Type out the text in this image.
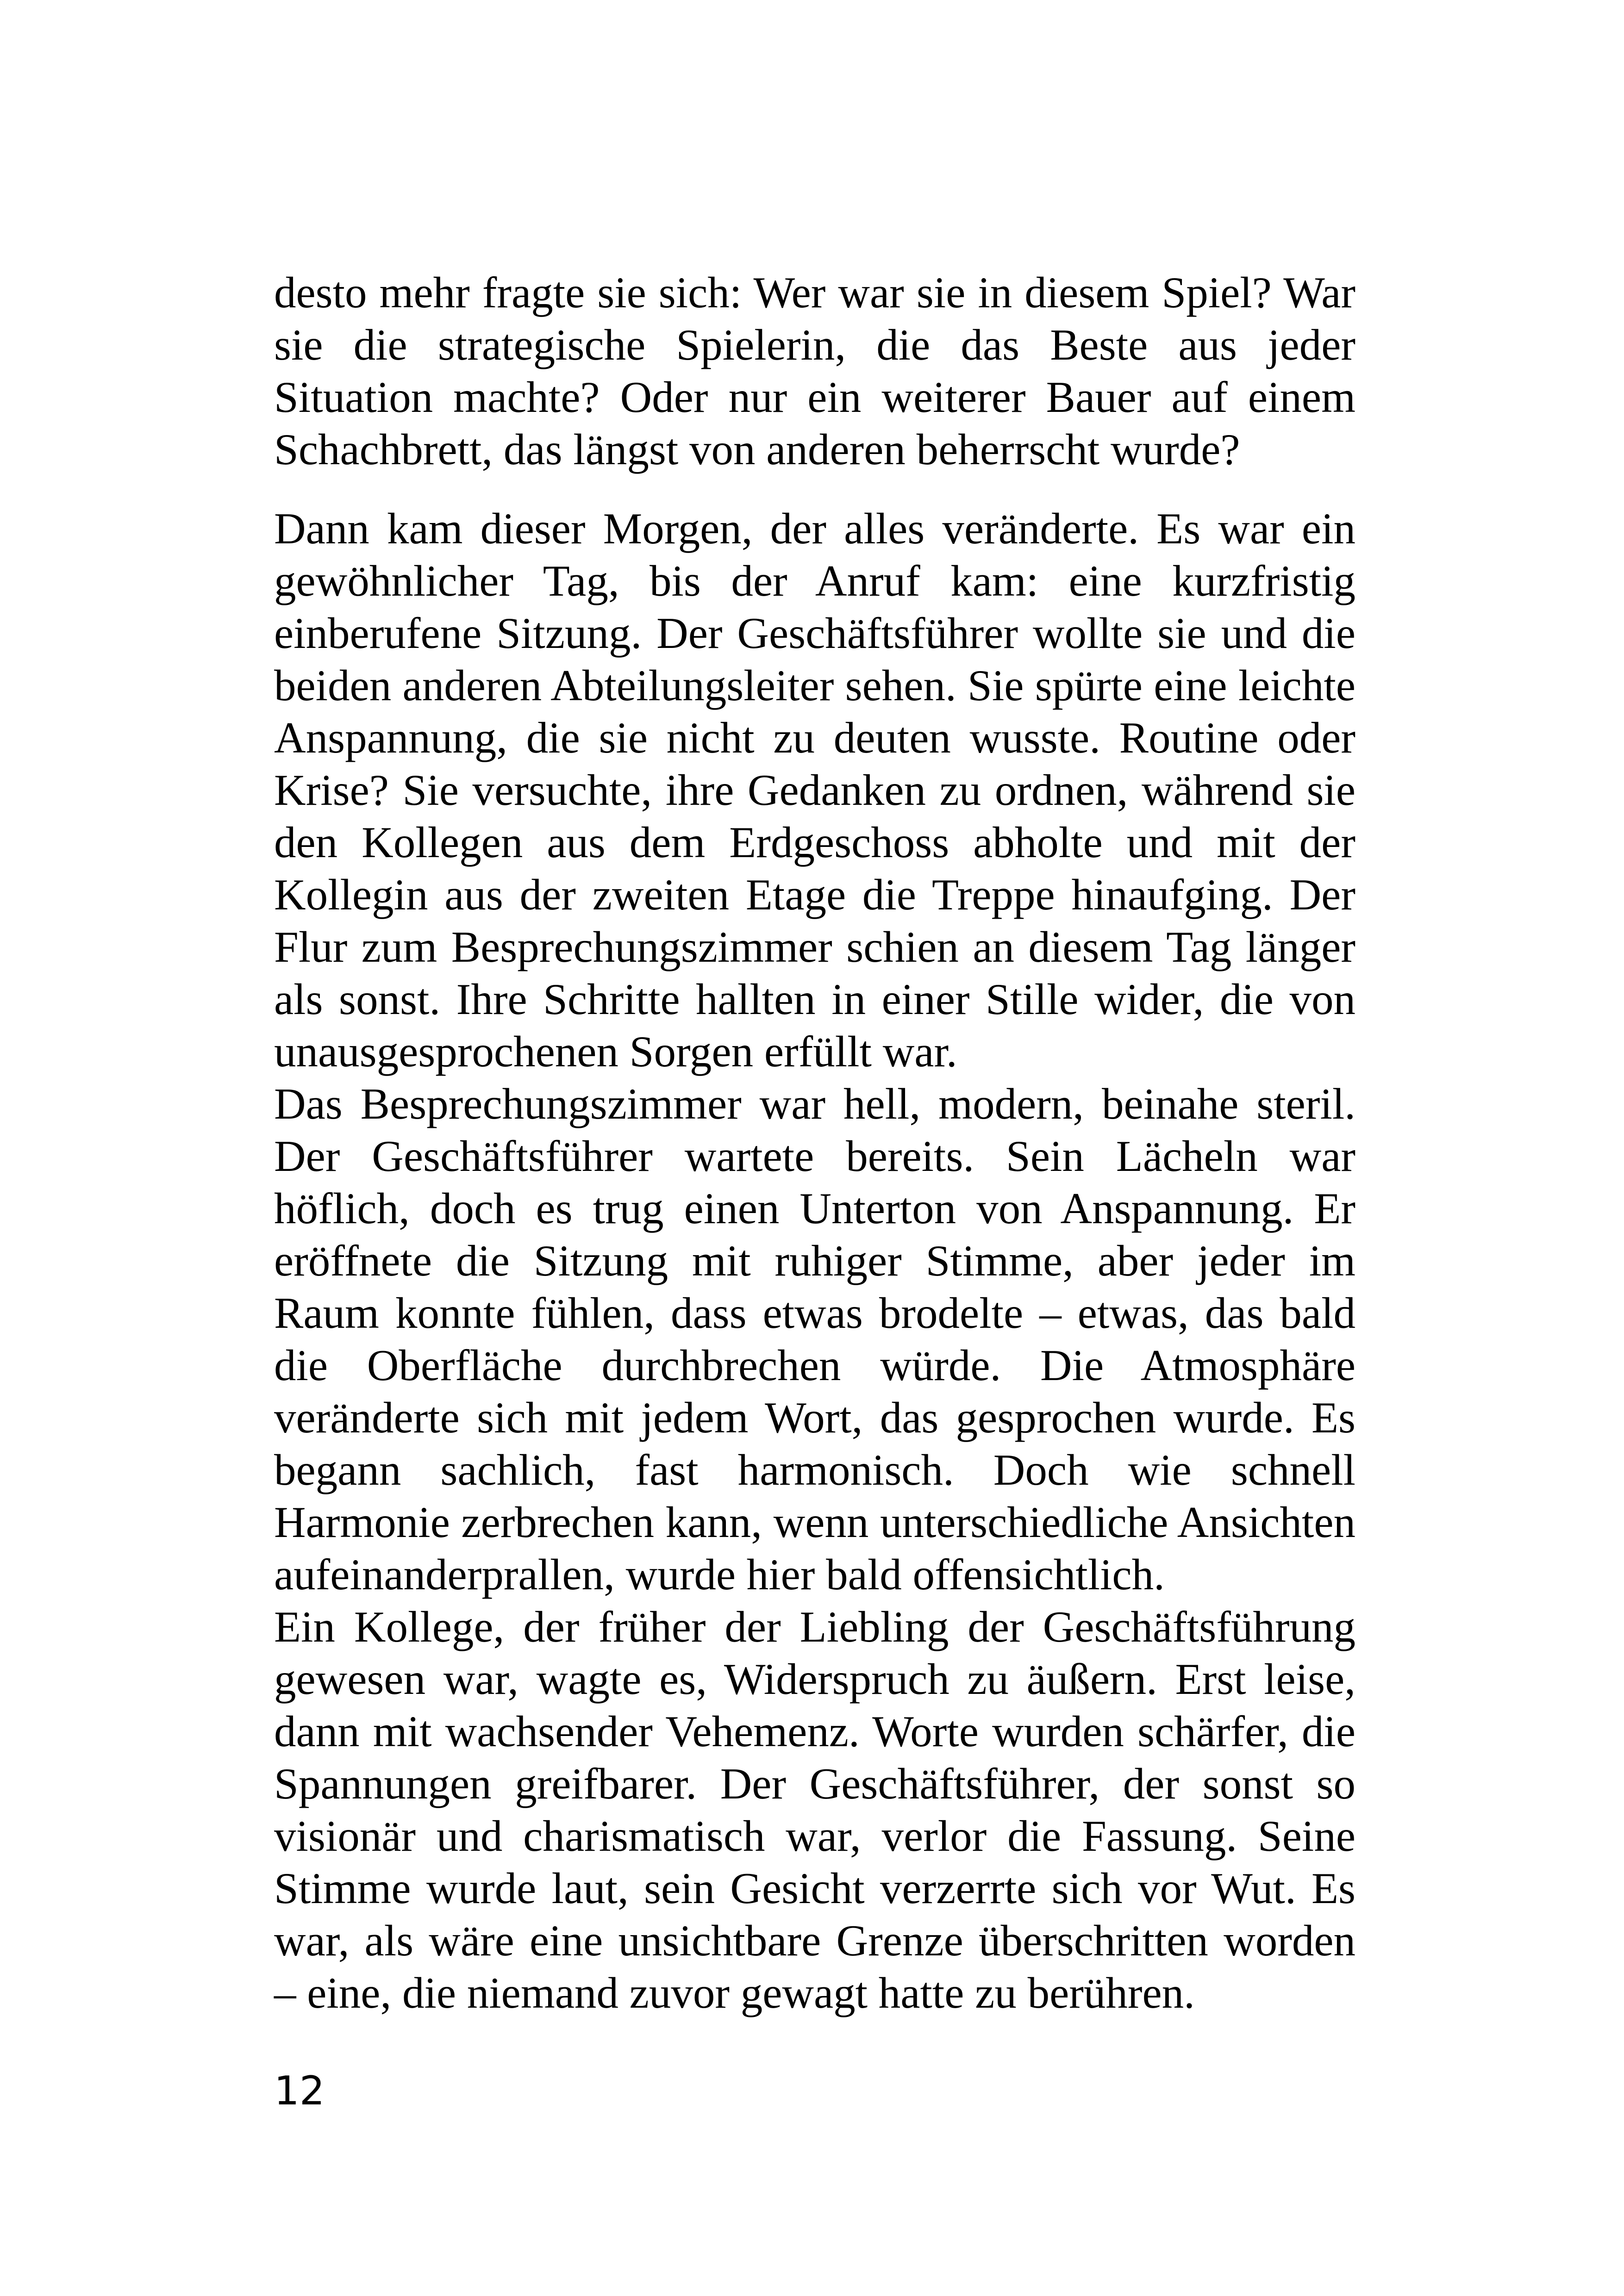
desto mehr fragte sie sich: Wer war sie in diesem Spiel? War sie die strategische Spielerin, die das Beste aus jeder Situation machte? Oder nur ein weiterer Bauer auf einem Schachbrett, das längst von anderen beherrscht wurde?

Dann kam dieser Morgen, der alles veränderte. Es war ein gewöhnlicher Tag, bis der Anruf kam: eine kurzfristig einberufene Sitzung. Der Geschäftsführer wollte sie und die beiden anderen Abteilungsleiter sehen. Sie spürte eine leichte Anspannung, die sie nicht zu deuten wusste. Routine oder Krise? Sie versuchte, ihre Gedanken zu ordnen, während sie den Kollegen aus dem Erdgeschoss abholte und mit der Kollegin aus der zweiten Etage die Treppe hinaufging. Der Flur zum Besprechungszimmer schien an diesem Tag länger als sonst. Ihre Schritte hallten in einer Stille wider, die von unausgesprochenen Sorgen erfüllt war.

Das Besprechungszimmer war hell, modern, beinahe steril. Der Geschäftsführer wartete bereits. Sein Lächeln war höflich, doch es trug einen Unterton von Anspannung. Er eröffnete die Sitzung mit ruhiger Stimme, aber jeder im Raum konnte fühlen, dass etwas brodelte – etwas, das bald die Oberfläche durchbrechen würde. Die Atmosphäre veränderte sich mit jedem Wort, das gesprochen wurde. Es begann sachlich, fast harmonisch. Doch wie schnell Harmonie zerbrechen kann, wenn unterschiedliche Ansichten aufeinanderprallen, wurde hier bald offensichtlich.

Ein Kollege, der früher der Liebling der Geschäftsführung gewesen war, wagte es, Widerspruch zu äußern. Erst leise, dann mit wachsender Vehemenz. Worte wurden schärfer, die Spannungen greifbarer. Der Geschäftsführer, der sonst so visionär und charismatisch war, verlor die Fassung. Seine Stimme wurde laut, sein Gesicht verzerrte sich vor Wut. Es war, als wäre eine unsichtbare Grenze überschritten worden – eine, die niemand zuvor gewagt hatte zu berühren.

12
